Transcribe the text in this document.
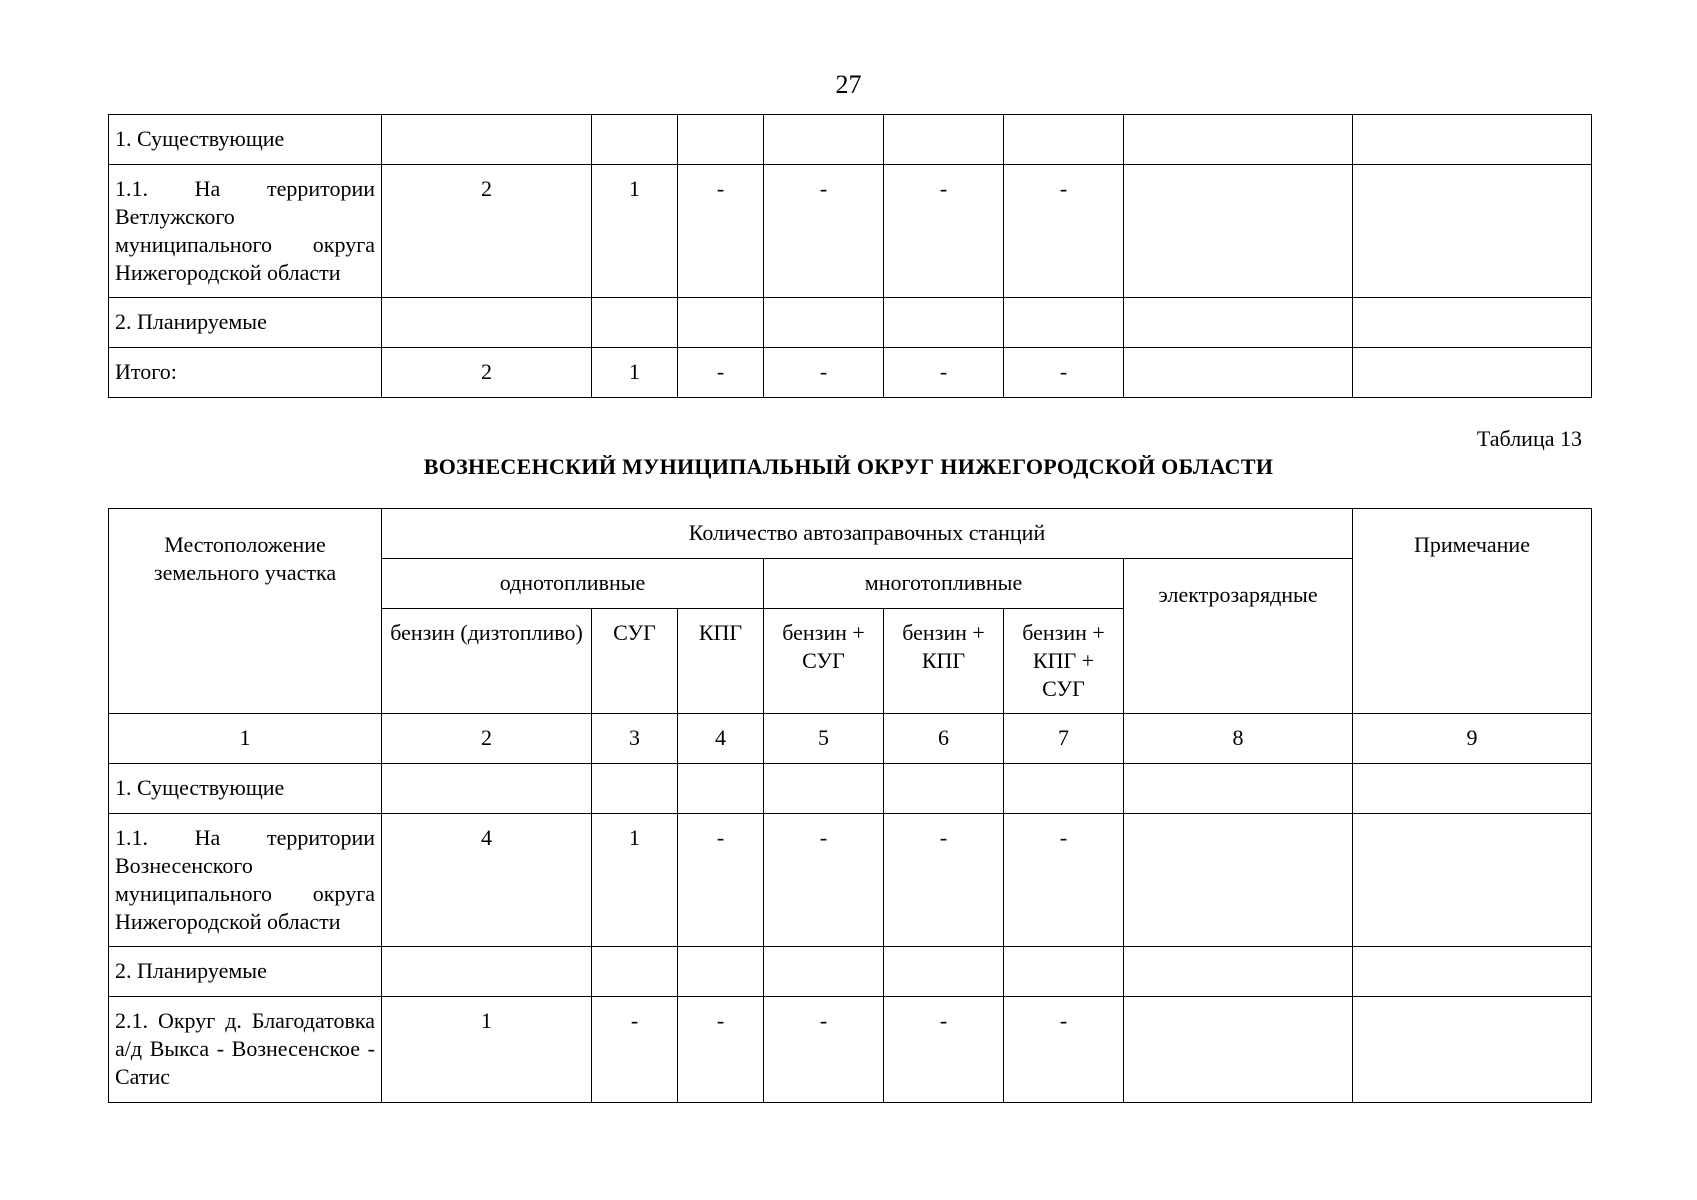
27
1. Существующие								
1.1. На территории Ветлужского муниципального округа Нижегородской области	2	1	-	-	-	-		
2. Планируемые								
Итого:	2	1	-	-	-	-		
Таблица 13
ВОЗНЕСЕНСКИЙ МУНИЦИПАЛЬНЫЙ ОКРУГ НИЖЕГОРОДСКОЙ ОБЛАСТИ
Местоположение земельного участка	Количество автозаправочных станций							Примечание
	однотопливные			многотопливные			электрозарядные	
	бензин (дизтопливо)	СУГ	КПГ	бензин + СУГ	бензин + КПГ	бензин + КПГ + СУГ		
1	2	3	4	5	6	7	8	9
1. Существующие								
1.1. На территории Вознесенского муниципального округа Нижегородской области	4	1	-	-	-	-		
2. Планируемые								
2.1. Округ д. Благодатовка а/д Выкса - Вознесенское - Сатис	1	-	-	-	-	-		
